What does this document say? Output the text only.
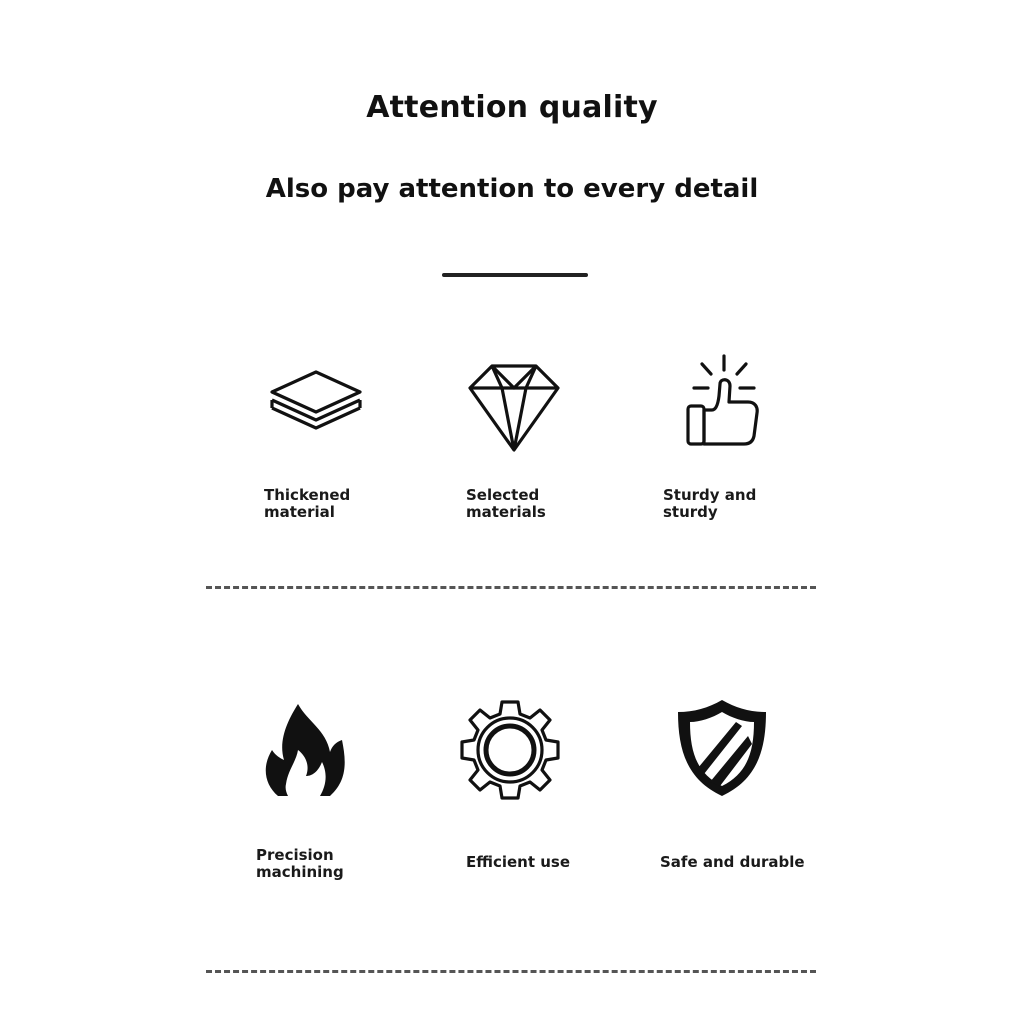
Attention quality
Also pay attention to every detail
Thickened
material
Selected
materials
Sturdy and
sturdy
Precision
machining
Efficient use	Safe and durable
